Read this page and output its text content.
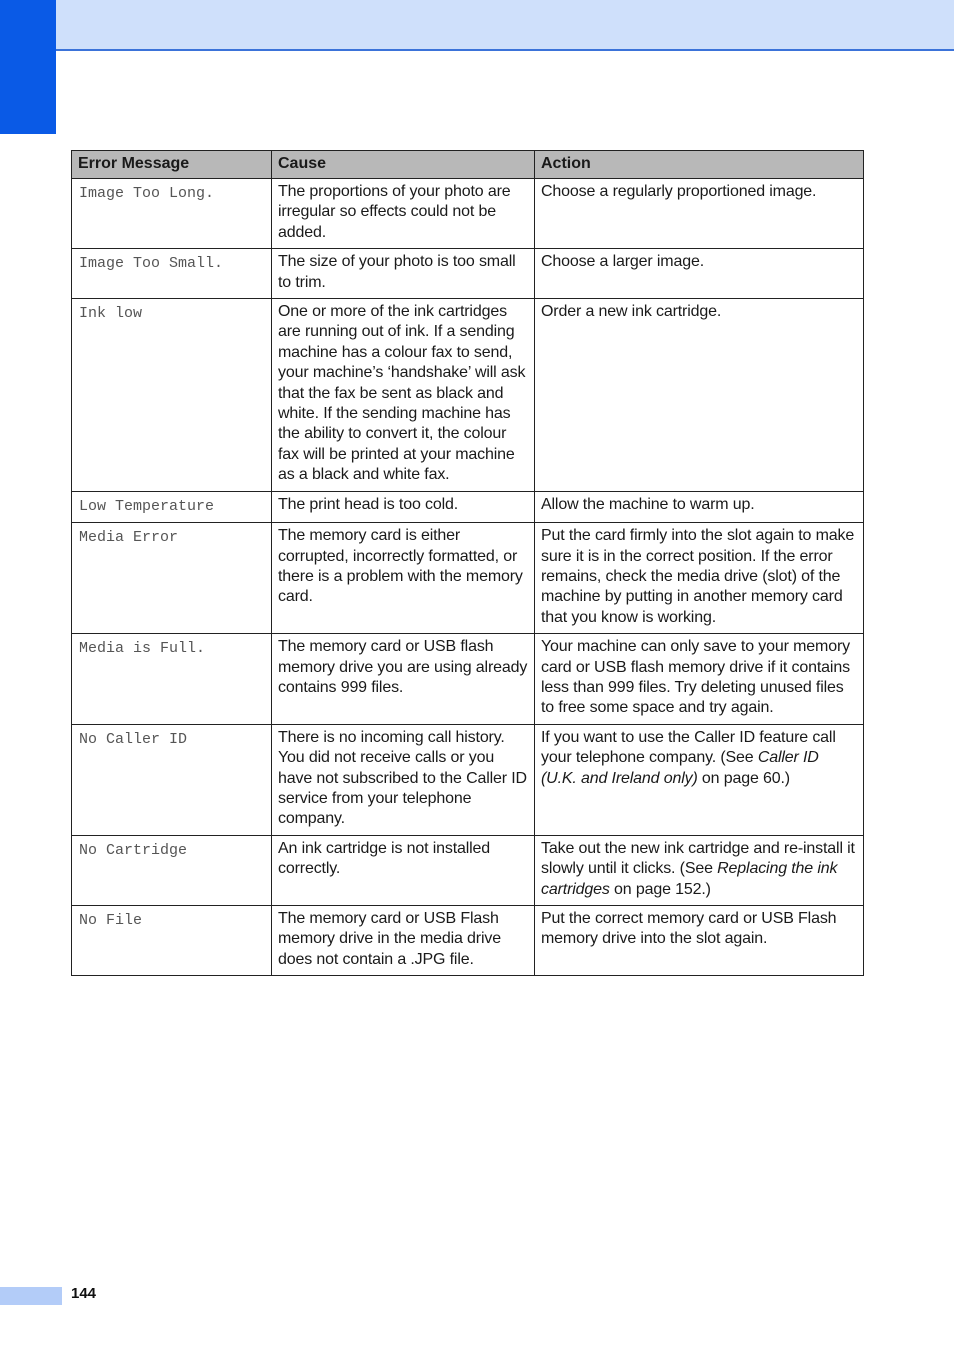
Error Message	Cause	Action
Image Too Long.	The proportions of your photo are irregular so effects could not be added.	Choose a regularly proportioned image.
Image Too Small.	The size of your photo is too small to trim.	Choose a larger image.
Ink low	One or more of the ink cartridges are running out of ink. If a sending machine has a colour fax to send, your machine’s ‘handshake’ will ask that the fax be sent as black and white. If the sending machine has the ability to convert it, the colour fax will be printed at your machine as a black and white fax.	Order a new ink cartridge.
Low Temperature	The print head is too cold.	Allow the machine to warm up.
Media Error	The memory card is either corrupted, incorrectly formatted, or there is a problem with the memory card.	Put the card firmly into the slot again to make sure it is in the correct position. If the error remains, check the media drive (slot) of the machine by putting in another memory card that you know is working.
Media is Full.	The memory card or USB flash memory drive you are using already contains 999 files.	Your machine can only save to your memory card or USB flash memory drive if it contains less than 999 files. Try deleting unused files to free some space and try again.
No Caller ID	There is no incoming call history. You did not receive calls or you have not subscribed to the Caller ID service from your telephone company.	If you want to use the Caller ID feature call your telephone company. (See Caller ID (U.K. and Ireland only) on page 60.)
No Cartridge	An ink cartridge is not installed correctly.	Take out the new ink cartridge and re-install it slowly until it clicks. (See Replacing the ink cartridges on page 152.)
No File	The memory card or USB Flash memory drive in the media drive does not contain a .JPG file.	Put the correct memory card or USB Flash memory drive into the slot again.
144
